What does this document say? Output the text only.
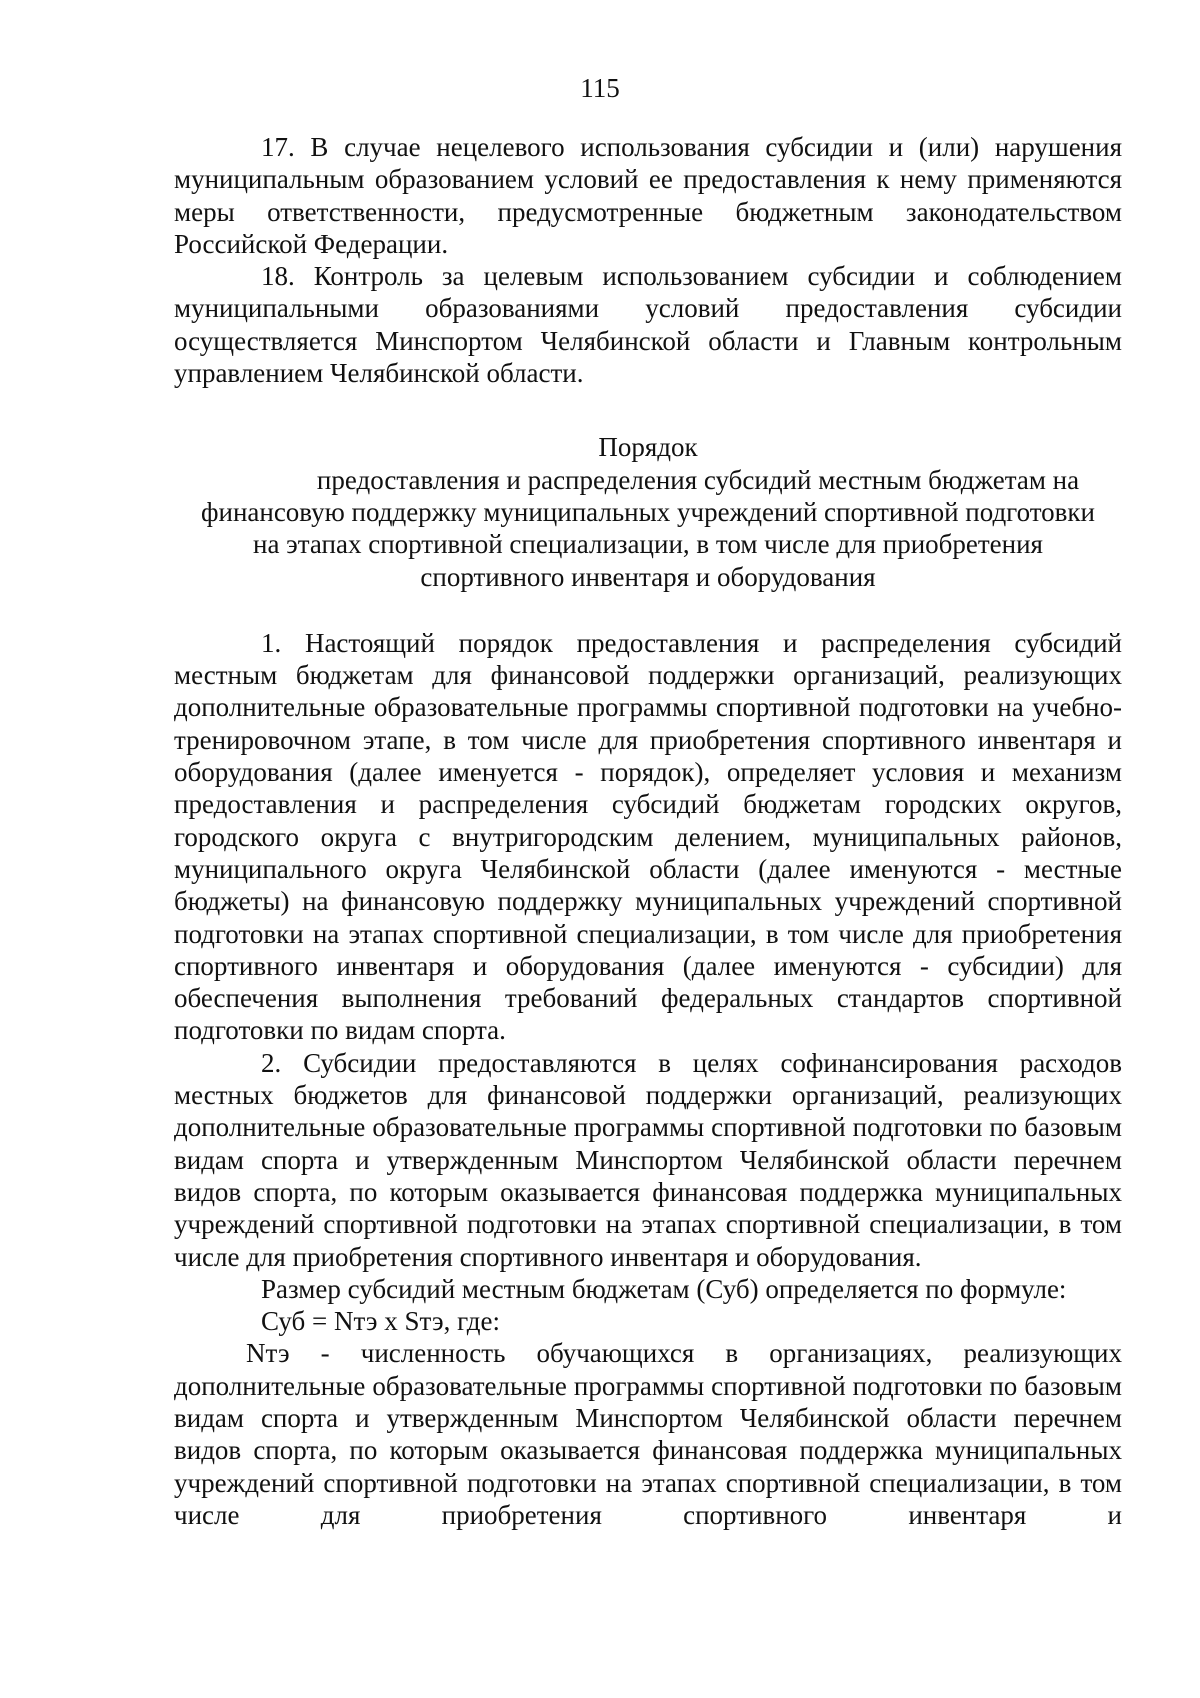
115

17. В случае нецелевого использования субсидии и (или) нарушения муниципальным образованием условий ее предоставления к нему применяются меры ответственности, предусмотренные бюджетным законодательством Российской Федерации.

18. Контроль за целевым использованием субсидии и соблюдением муниципальными образованиями условий предоставления субсидии осуществляется Минспортом Челябинской области и Главным контрольным управлением Челябинской области.

Порядок

предоставления и распределения субсидий местным бюджетам на
финансовую поддержку муниципальных учреждений спортивной подготовки
на этапах спортивной специализации, в том числе для приобретения
спортивного инвентаря и оборудования

1. Настоящий порядок предоставления и распределения субсидий местным бюджетам для финансовой поддержки организаций, реализующих дополнительные образовательные программы спортивной подготовки на учебно-тренировочном этапе, в том числе для приобретения спортивного инвентаря и оборудования (далее именуется - порядок), определяет условия и механизм предоставления и распределения субсидий бюджетам городских округов, городского округа с внутригородским делением, муниципальных районов, муниципального округа Челябинской области (далее именуются - местные бюджеты) на финансовую поддержку муниципальных учреждений спортивной подготовки на этапах спортивной специализации, в том числе для приобретения спортивного инвентаря и оборудования (далее именуются - субсидии) для обеспечения выполнения требований федеральных стандартов спортивной подготовки по видам спорта.

2. Субсидии предоставляются в целях софинансирования расходов местных бюджетов для финансовой поддержки организаций, реализующих дополнительные образовательные программы спортивной подготовки по базовым видам спорта и утвержденным Минспортом Челябинской области перечнем видов спорта, по которым оказывается финансовая поддержка муниципальных учреждений спортивной подготовки на этапах спортивной специализации, в том числе для приобретения спортивного инвентаря и оборудования.

Размер субсидий местным бюджетам (Суб) определяется по формуле:

Суб = Nтэ x Sтэ, где:

Nтэ - численность обучающихся в организациях, реализующих дополнительные образовательные программы спортивной подготовки по базовым видам спорта и утвержденным Минспортом Челябинской области перечнем видов спорта, по которым оказывается финансовая поддержка муниципальных учреждений спортивной подготовки на этапах спортивной специализации, в том числе для приобретения спортивного инвентаря и
